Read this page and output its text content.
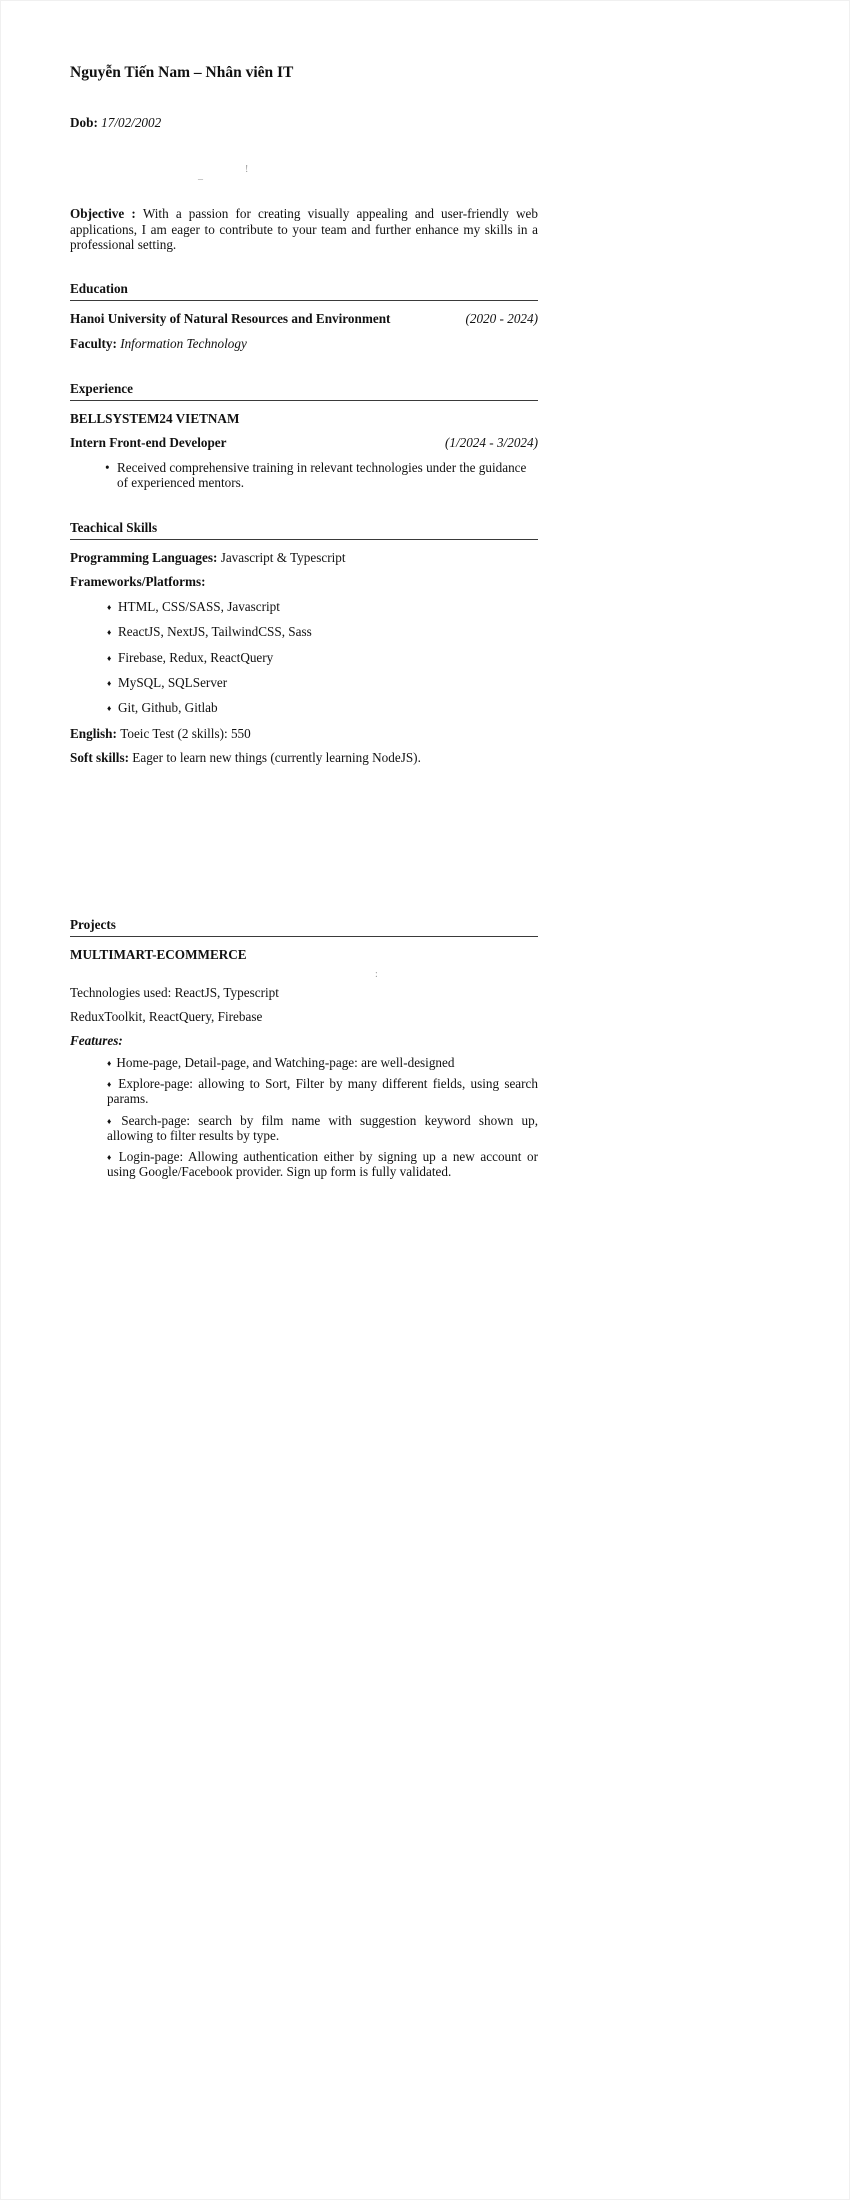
Nguyễn Tiến Nam – Nhân viên IT

Dob: 17/02/2002

_
!

Objective : With a passion for creating visually appealing and user-friendly web applications, I am eager to contribute to your team and further enhance my skills in a professional setting.

Education
Hanoi University of Natural Resources and Environment	(2020 - 2024)

Faculty: Information Technology

Experience

BELLSYSTEM24 VIETNAM

Intern Front-end Developer	(1/2024 - 3/2024)
• Received comprehensive training in relevant technologies under the guidance of experienced mentors.

Teachical Skills

Programming Languages: Javascript & Typescript

Frameworks/Platforms:

♦ HTML, CSS/SASS, Javascript
♦ ReactJS, NextJS, TailwindCSS, Sass
♦ Firebase, Redux, ReactQuery
♦ MySQL, SQLServer
♦ Git, Github, Gitlab

English: Toeic Test (2 skills): 550

Soft skills: Eager to learn new things (currently learning NodeJS).

Projects

MULTIMART-ECOMMERCE

:

Technologies used: ReactJS, Typescript

ReduxToolkit, ReactQuery, Firebase

Features:

♦ Home-page, Detail-page, and Watching-page: are well-designed

♦ Explore-page: allowing to Sort, Filter by many different fields, using search params.

♦ Search-page: search by film name with suggestion keyword shown up, allowing to filter results by type.

♦ Login-page: Allowing authentication either by signing up a new account or using Google/Facebook provider. Sign up form is fully validated.
